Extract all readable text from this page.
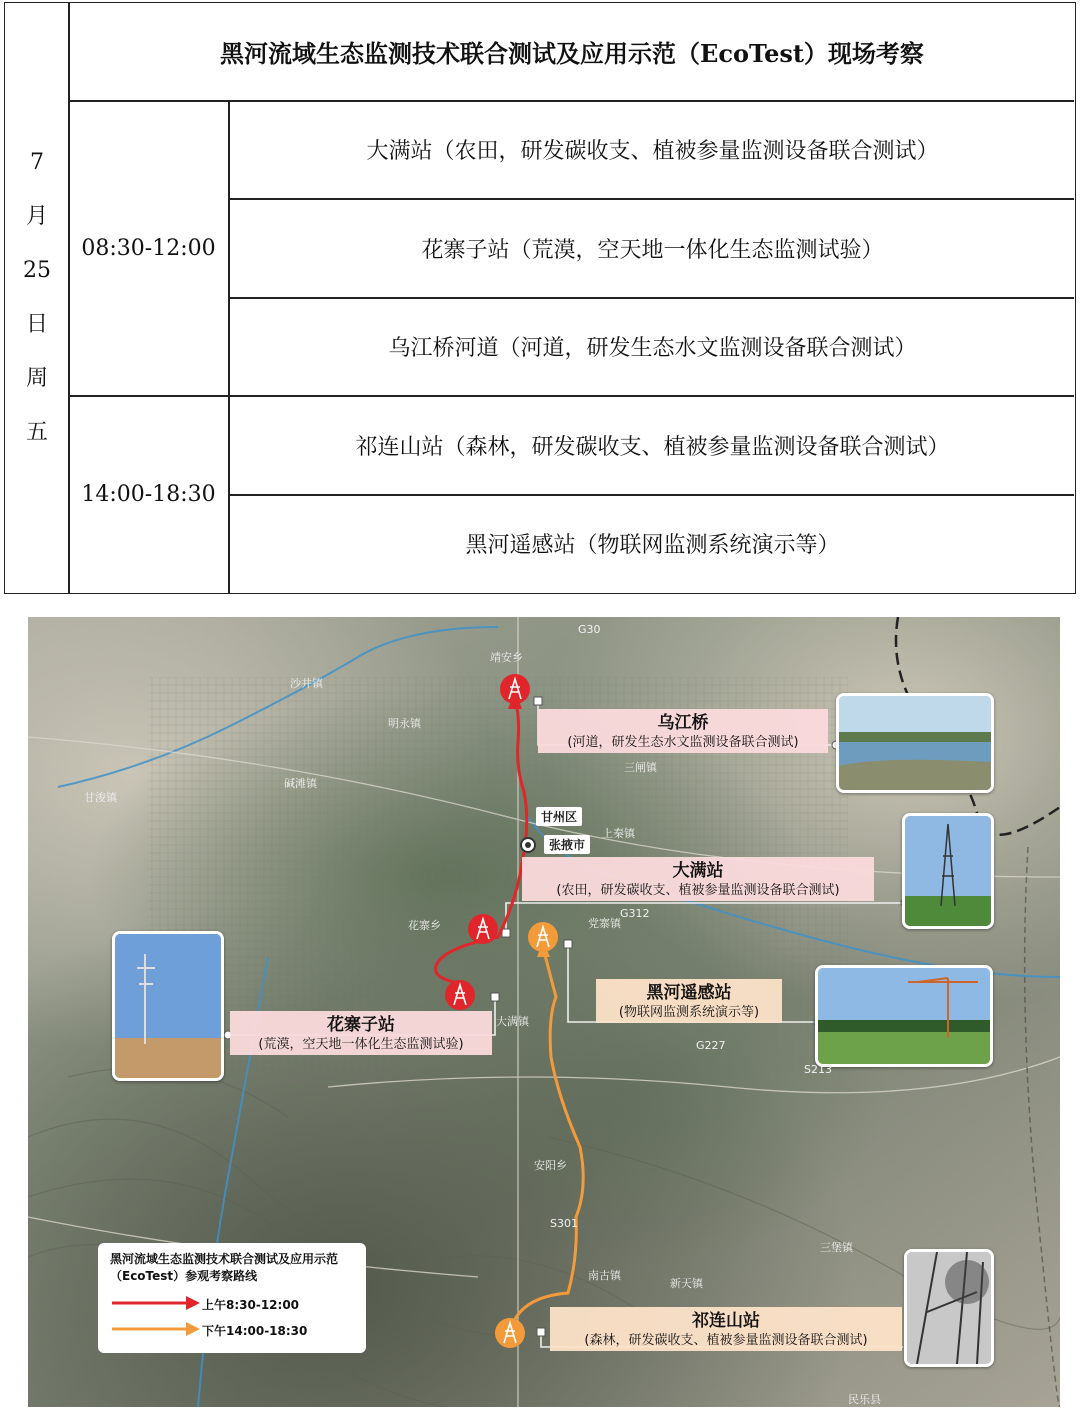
7
月
25
日
周
五
黑河流域生态监测技术联合测试及应用示范（EcoTest）现场考察
08:30-12:00
14:00-18:30
大满站（农田，研发碳收支、植被参量监测设备联合测试）
花寨子站（荒漠，空天地一体化生态监测试验）
乌江桥河道（河道，研发生态水文监测设备联合测试）
祁连山站（森林，研发碳收支、植被参量监测设备联合测试）
黑河遥感站（物联网监测系统演示等）
乌江桥
(河道，研发生态水文监测设备联合测试)
大满站
(农田，研发碳收支、植被参量监测设备联合测试)
黑河遥感站
(物联网监测系统演示等)
花寨子站
(荒漠，空天地一体化生态监测试验)
祁连山站
(森林，研发碳收支、植被参量监测设备联合测试)
甘州区
张掖市
沙井镇
靖安乡
明永镇
三闸镇
党寨镇
大满镇
安阳乡
南古镇
新天镇
三堡镇
民乐县
甘浚镇
碱滩镇
上秦镇
花寨乡
G30
G312
G227
S301
S213
黑河流域生态监测技术联合测试及应用示范（EcoTest）参观考察路线
上午8:30-12:00
下午14:00-18:30
